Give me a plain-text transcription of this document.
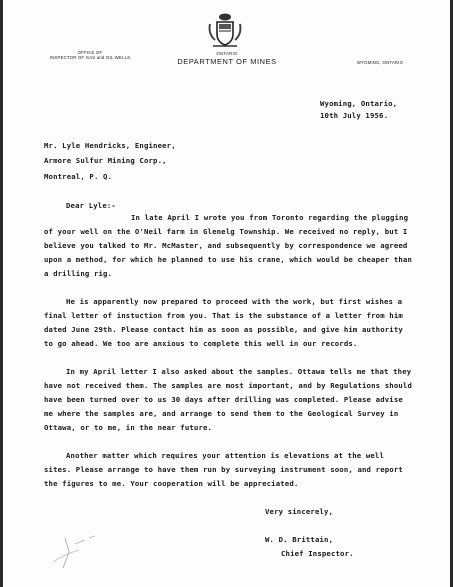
OFFICE OF
INSPECTOR OF GAS and OIL WELLS
ONTARIO
DEPARTMENT OF MINES	WYOMING, ONTARIO
Wyoming, Ontario,
10th July 1956.
Mr. Lyle Hendricks, Engineer,
Armore Sulfur Mining Corp.,
Montreal, P. Q.
Dear Lyle:-
In late April I wrote you from Toronto regarding the plugging
of your well on the O'Neil farm in Glenelg Township. We received no reply, but I
believe you talked to Mr. McMaster, and subsequently by correspondence we agreed
upon a method, for which he planned to use his crane, which would be cheaper than
a drilling rig.
He is apparently now prepared to proceed with the work, but first wishes a
final letter of instuction from you. That is the substance of a letter from him
dated June 29th. Please contact him as soon as possible, and give him authority
to go ahead. We too are anxious to complete this well in our records.
In my April letter I also asked about the samples. Ottawa tells me that they
have not received them. The samples are most important, and by Regulations should
have been turned over to us 30 days after drilling was completed. Please advise
me where the samples are, and arrange to send them to the Geological Survey in
Ottawa, or to me, in the near future.
Another matter which requires your attention is elevations at the well
sites. Please arrange to have them run by surveying instrument soon, and report
the figures to me. Your cooperation will be appreciated.
Very sincerely,
W. D. Brittain,
Chief Inspector.
